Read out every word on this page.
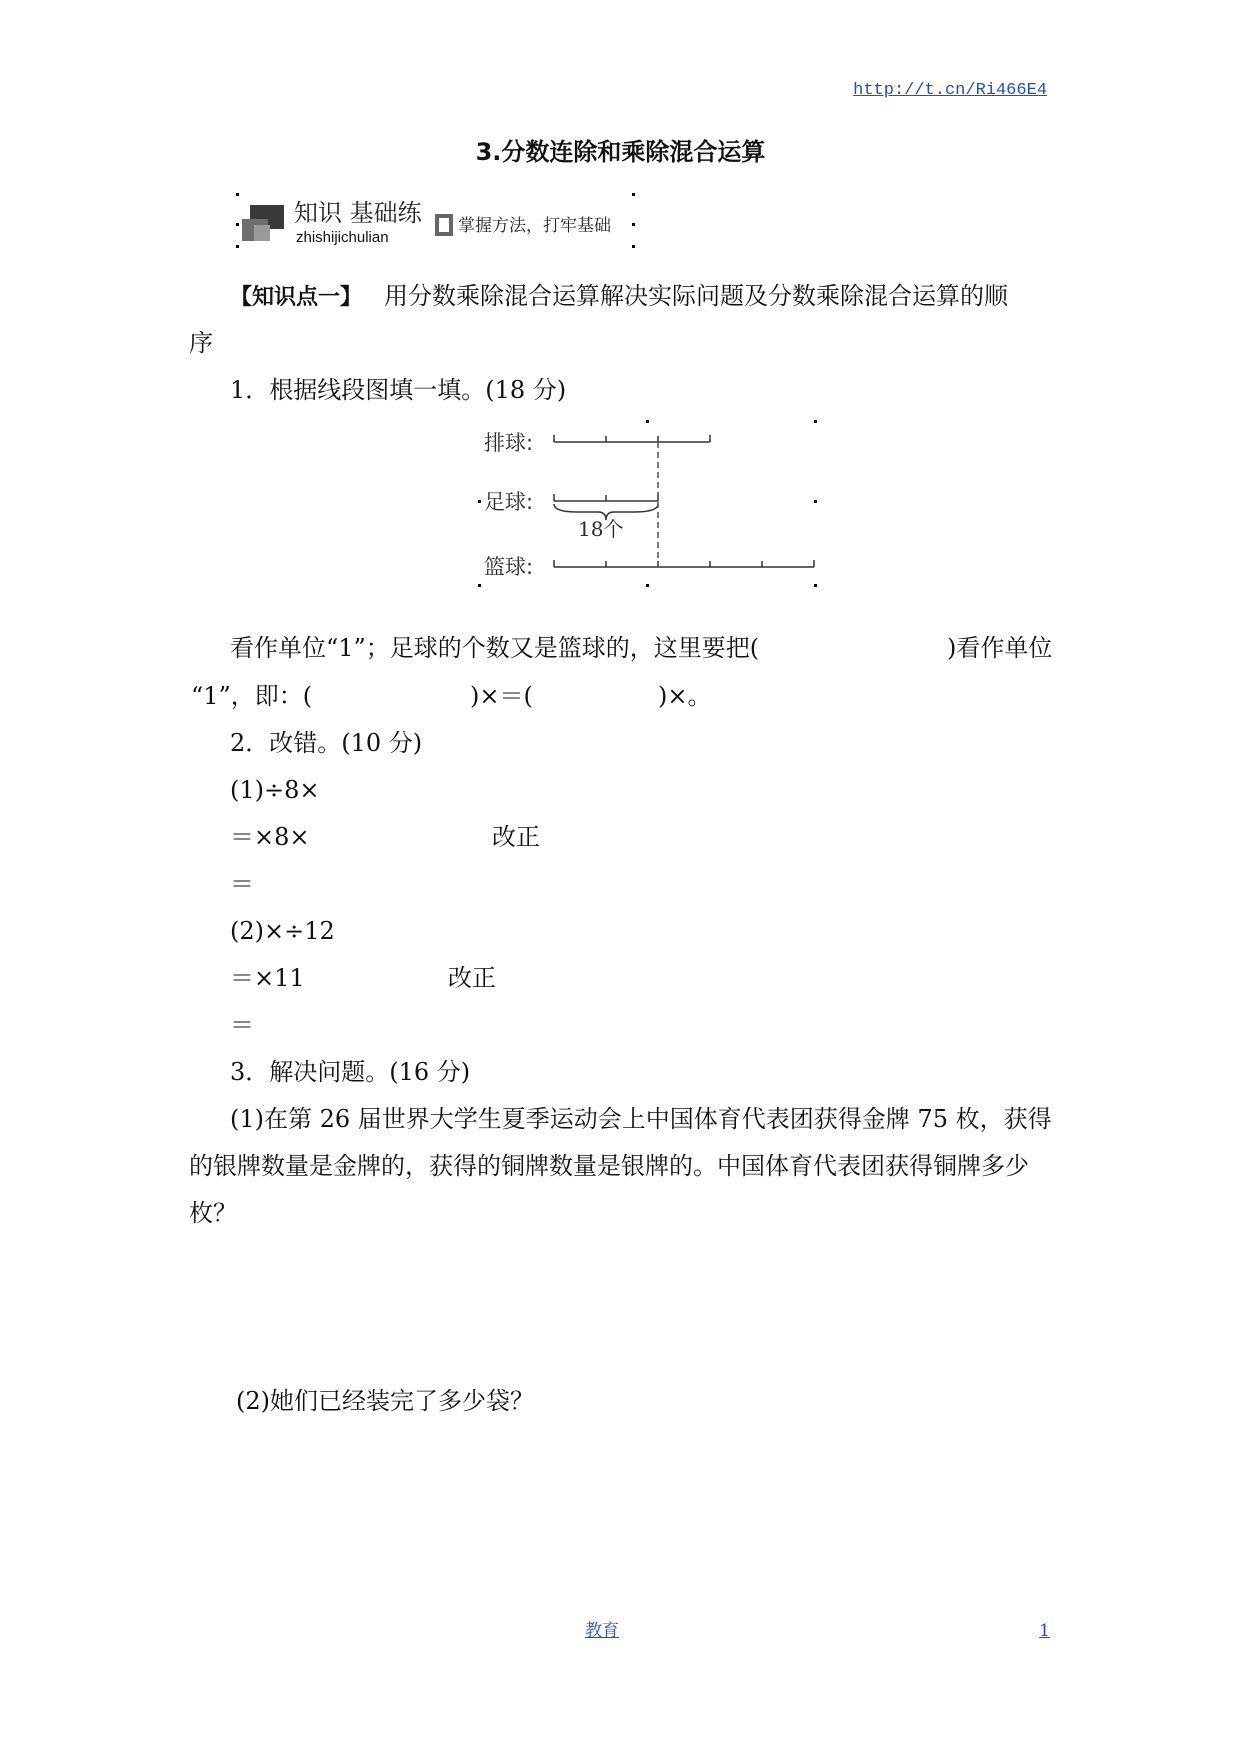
http://t.cn/Ri466E4
3.分数连除和乘除混合运算
知识 基础练
zhishijichulian
掌握方法，打牢基础
【知识点一】 用分数乘除混合运算解决实际问题及分数乘除混合运算的顺
序
1．根据线段图填一填。(18 分)
排球:
足球:
篮球:
18个
看作单位“1”；足球的个数又是篮球的，这里要把(	)看作单位
“1”，即：(	)×＝(	)×。
2．改错。(10 分)
(1)÷8×
＝×8×	改正
＝
(2)×÷12
＝×11	改正
＝
3．解决问题。(16 分)
(1)在第 26 届世界大学生夏季运动会上中国体育代表团获得金牌 75 枚，获得
的银牌数量是金牌的，获得的铜牌数量是银牌的。中国体育代表团获得铜牌多少
枚？
(2)她们已经装完了多少袋？
教育	1
